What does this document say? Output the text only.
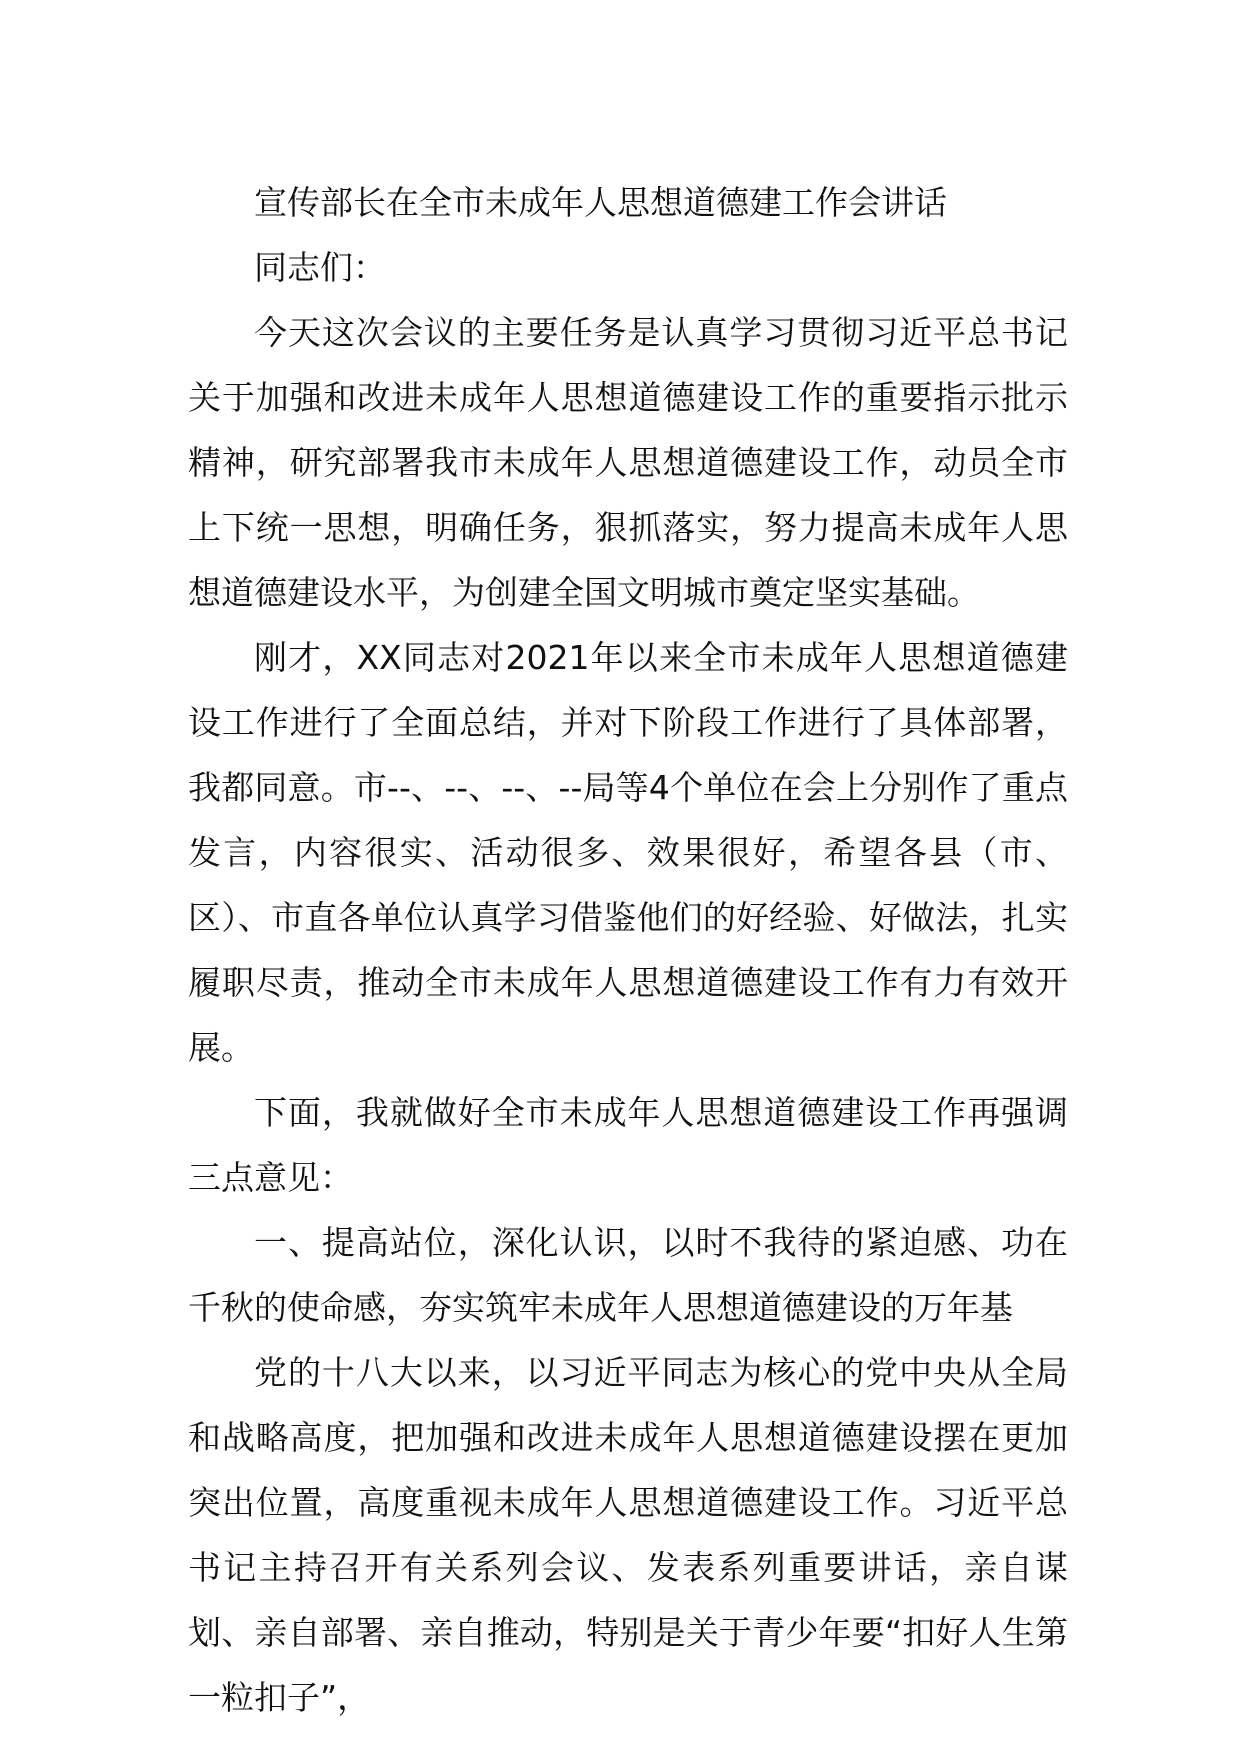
宣传部长在全市未成年人思想道德建工作会讲话

同志们：

今天这次会议的主要任务是认真学习贯彻习近平总书记关于加强和改进未成年人思想道德建设工作的重要指示批示精神，研究部署我市未成年人思想道德建设工作，动员全市上下统一思想，明确任务，狠抓落实，努力提高未成年人思想道德建设水平，为创建全国文明城市奠定坚实基础。

刚才，XX同志对2021年以来全市未成年人思想道德建设工作进行了全面总结，并对下阶段工作进行了具体部署，我都同意。市--、--、--、--局等4个单位在会上分别作了重点发言，内容很实、活动很多、效果很好，希望各县（市、区）、市直各单位认真学习借鉴他们的好经验、好做法，扎实履职尽责，推动全市未成年人思想道德建设工作有力有效开展。

下面，我就做好全市未成年人思想道德建设工作再强调三点意见：

一、提高站位，深化认识，以时不我待的紧迫感、功在千秋的使命感，夯实筑牢未成年人思想道德建设的万年基

党的十八大以来，以习近平同志为核心的党中央从全局和战略高度，把加强和改进未成年人思想道德建设摆在更加突出位置，高度重视未成年人思想道德建设工作。习近平总书记主持召开有关系列会议、发表系列重要讲话，亲自谋划、亲自部署、亲自推动，特别是关于青少年要“扣好人生第一粒扣子”，
